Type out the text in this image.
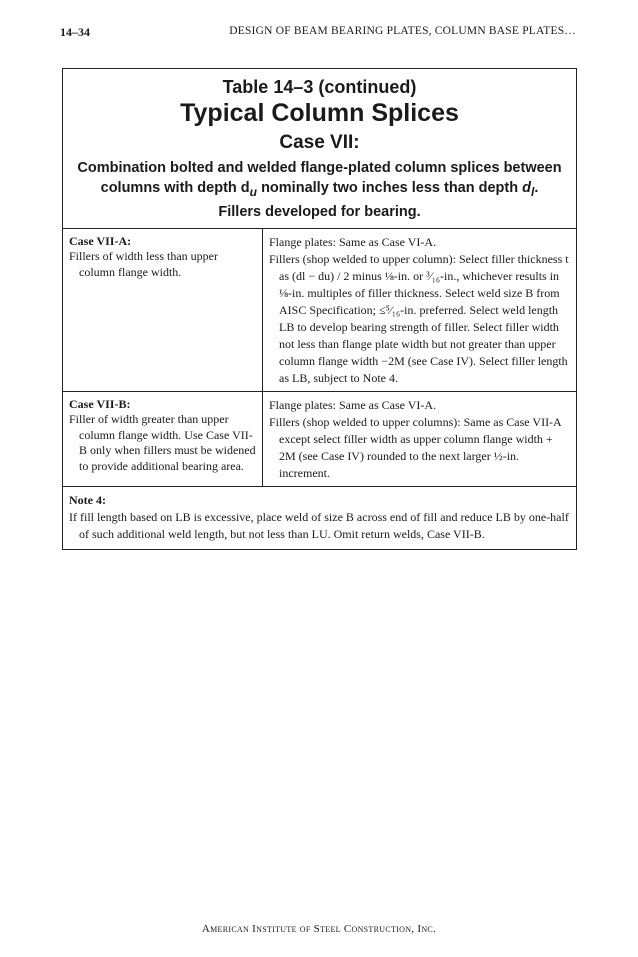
14–34	DESIGN OF BEAM BEARING PLATES, COLUMN BASE PLATES…
Table 14–3 (continued)
Typical Column Splices
Case VII:
Combination bolted and welded flange-plated column splices between
columns with depth $d_u$ nominally two inches less than depth $d_l$.
Fillers developed for bearing.
Case VII-A:

Fillers of width less than upper column flange width.

Flange plates: Same as Case VI-A.

Fillers (shop welded to upper column): Select filler thickness t as (dl − du) / 2 minus ⅛-in. or ³⁄₁₆-in., whichever results in ⅛-in. multiples of filler thickness. Select weld size B from AISC Specification; ≤⁵⁄₁₆-in. preferred. Select weld length LB to develop bearing strength of filler. Select filler width not less than flange plate width but not greater than upper column flange width −2M (see Case IV). Select filler length as LB, subject to Note 4.

Case VII-B:

Filler of width greater than upper column flange width. Use Case VII-B only when fillers must be widened to provide additional bearing area.

Flange plates: Same as Case VI-A.

Fillers (shop welded to upper columns): Same as Case VII-A except select filler width as upper column flange width + 2M (see Case IV) rounded to the next larger ½-in. increment.

Note 4:

If fill length based on LB is excessive, place weld of size B across end of fill and reduce LB by one-half of such additional weld length, but not less than LU. Omit return welds, Case VII-B.

American Institute of Steel Construction, Inc.
